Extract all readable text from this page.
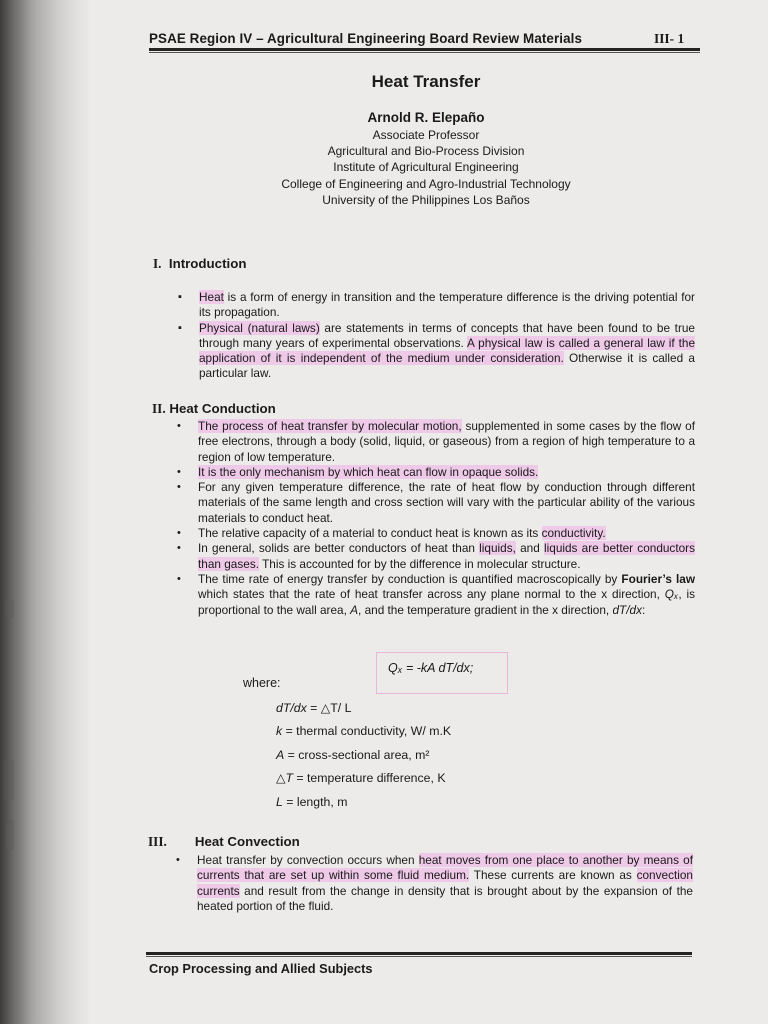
PSAE Region IV – Agricultural Engineering Board Review Materials	III- 1
Heat Transfer
Arnold R. Elepaño
Associate Professor
Agricultural and Bio-Process Division
Institute of Agricultural Engineering
College of Engineering and Agro-Industrial Technology
University of the Philippines Los Baños
I. Introduction
▪ Heat is a form of energy in transition and the temperature difference is the driving potential for its propagation.

▪ Physical (natural laws) are statements in terms of concepts that have been found to be true through many years of experimental observations. A physical law is called a general law if the application of it is independent of the medium under consideration. Otherwise it is called a particular law.

II. Heat Conduction
• The process of heat transfer by molecular motion, supplemented in some cases by the flow of free electrons, through a body (solid, liquid, or gaseous) from a region of high temperature to a region of low temperature.

• It is the only mechanism by which heat can flow in opaque solids.

• For any given temperature difference, the rate of heat flow by conduction through different materials of the same length and cross section will vary with the particular ability of the various materials to conduct heat.

• The relative capacity of a material to conduct heat is known as its conductivity.

• In general, solids are better conductors of heat than liquids, and liquids are better conductors than gases. This is accounted for by the difference in molecular structure.

• The time rate of energy transfer by conduction is quantified macroscopically by Fourier’s law which states that the rate of heat transfer across any plane normal to the x direction, Qₓ, is proportional to the wall area, A, and the temperature gradient in the x direction, dT/dx:

Qₓ = -kA dT/dx;
where:
dT/dx = △T/ L
k = thermal conductivity, W/ m.K
A = cross-sectional area, m²
△T = temperature difference, K
L = length, m
III. Heat Convection
• Heat transfer by convection occurs when heat moves from one place to another by means of currents that are set up within some fluid medium. These currents are known as convection currents and result from the change in density that is brought about by the expansion of the heated portion of the fluid.

Crop Processing and Allied Subjects
